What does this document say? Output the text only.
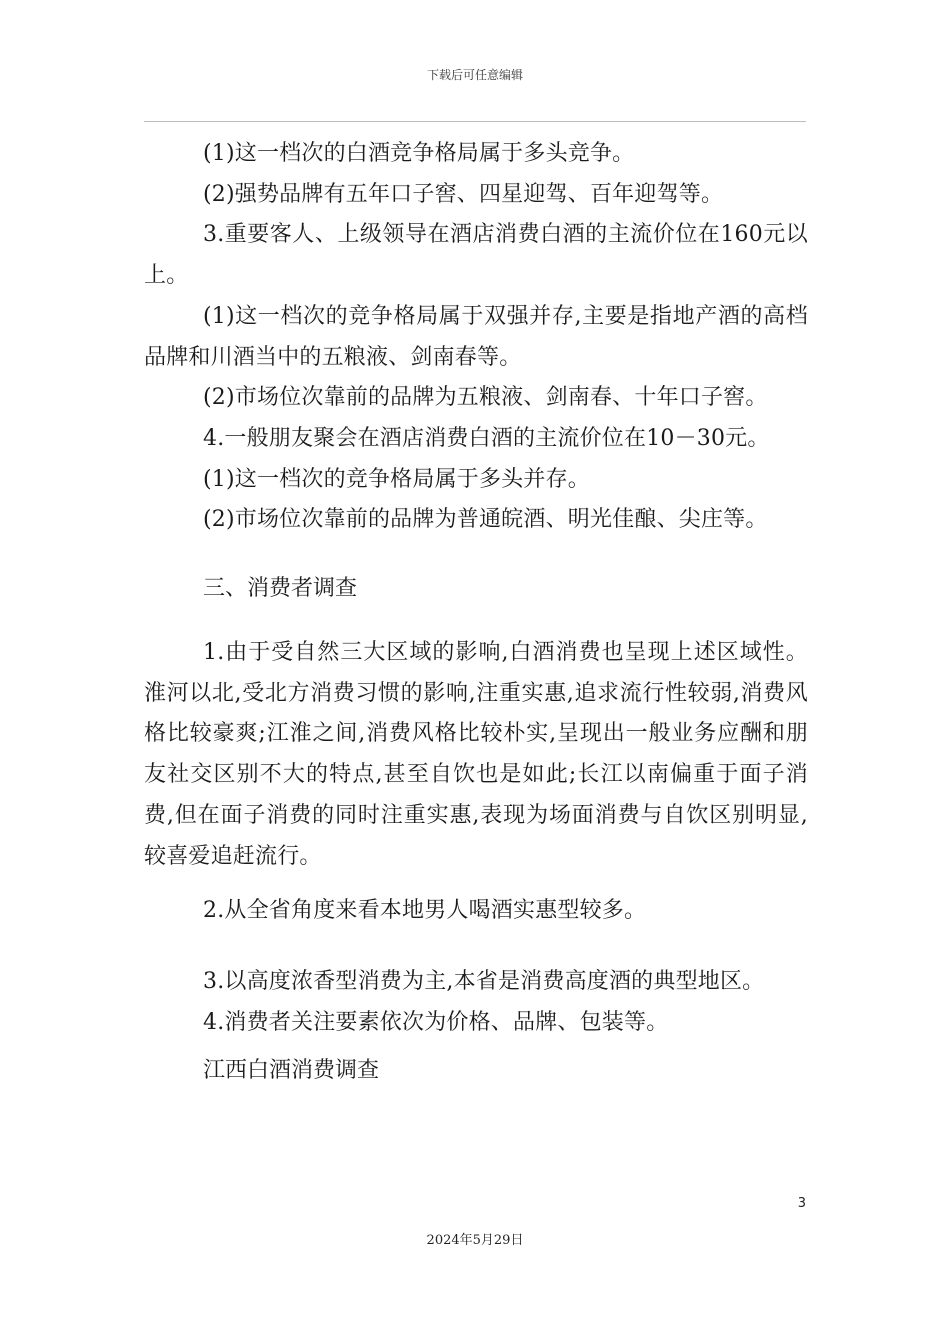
下载后可任意编辑

(1)这一档次的白酒竞争格局属于多头竞争。

(2)强势品牌有五年口子窖、四星迎驾、百年迎驾等。

3.重要客人、上级领导在酒店消费白酒的主流价位在160元以上。

(1)这一档次的竞争格局属于双强并存,主要是指地产酒的高档品牌和川酒当中的五粮液、剑南春等。

(2)市场位次靠前的品牌为五粮液、剑南春、十年口子窖。

4.一般朋友聚会在酒店消费白酒的主流价位在10－30元。

(1)这一档次的竞争格局属于多头并存。

(2)市场位次靠前的品牌为普通皖酒、明光佳酿、尖庄等。

三、消费者调查

1.由于受自然三大区域的影响,白酒消费也呈现上述区域性。淮河以北,受北方消费习惯的影响,注重实惠,追求流行性较弱,消费风格比较豪爽;江淮之间,消费风格比较朴实,呈现出一般业务应酬和朋友社交区别不大的特点,甚至自饮也是如此;长江以南偏重于面子消费,但在面子消费的同时注重实惠,表现为场面消费与自饮区别明显,较喜爱追赶流行。

2.从全省角度来看本地男人喝酒实惠型较多。

3.以高度浓香型消费为主,本省是消费高度酒的典型地区。

4.消费者关注要素依次为价格、品牌、包装等。

江西白酒消费调查
3
2024年5月29日
